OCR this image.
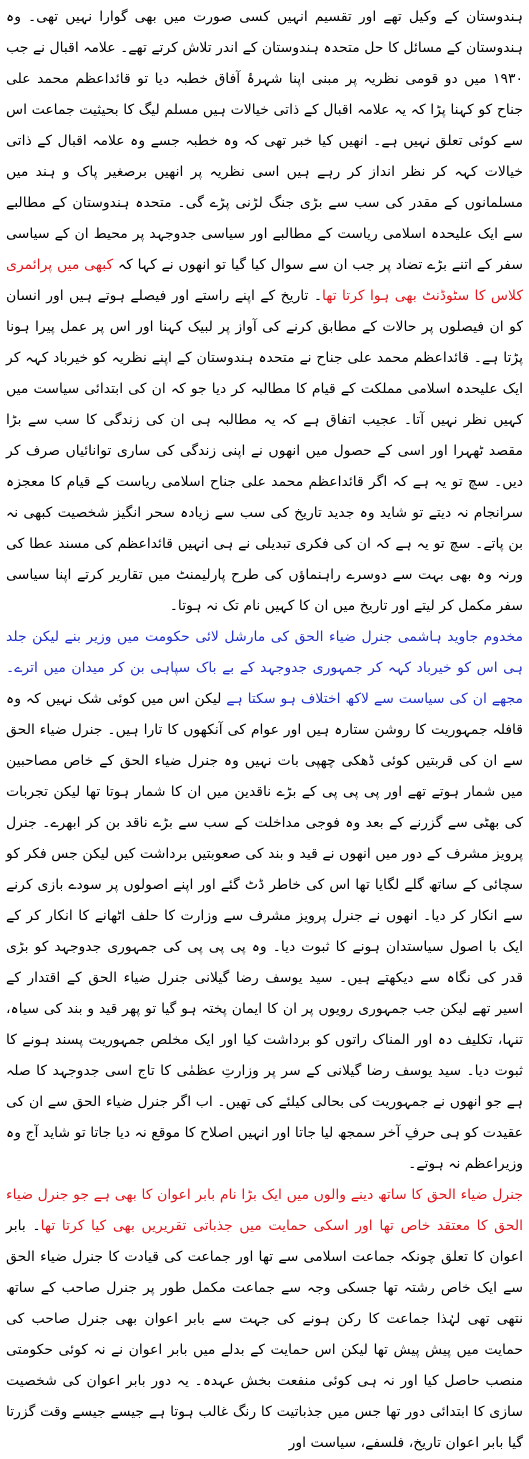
ہندوستان کے وکیل تھے اور تقسیم انہیں کسی صورت میں بھی گوارا نہیں تھی۔ وہ ہندوستان کے مسائل کا حل متحدہ ہندوستان کے اندر تلاش کرتے تھے۔ علامہ اقبال نے جب ۱۹۳۰ میں دو قومی نظریہ پر مبنی اپنا شہرۂ آفاق خطبہ دیا تو قائداعظم محمد علی جناح کو کہنا پڑا کہ یہ علامہ اقبال کے ذاتی خیالات ہیں مسلم لیگ کا بحیثیت جماعت اس سے کوئی تعلق نہیں ہے۔ انھیں کیا خبر تھی کہ وہ خطبہ جسے وہ علامہ اقبال کے ذاتی خیالات کہہ کر نظر انداز کر رہے ہیں اسی نظریہ پر انھیں برصغیر پاک و ہند میں مسلمانوں کے مقدر کی سب سے بڑی جنگ لڑنی پڑے گی۔ متحدہ ہندوستان کے مطالبے سے ایک علیحدہ اسلامی ریاست کے مطالبے اور سیاسی جدوجہد پر محیط ان کے سیاسی سفر کے اتنے بڑے تضاد پر جب ان سے سوال کیا گیا تو انھوں نے کہا کہ کبھی میں پرائمری کلاس کا سٹوڈنٹ بھی ہوا کرتا تھا۔ تاریخ کے اپنے راستے اور فیصلے ہوتے ہیں اور انسان کو ان فیصلوں پر حالات کے مطابق کرنے کی آواز پر لبیک کہنا اور اس پر عمل پیرا ہونا پڑتا ہے۔ قائداعظم محمد علی جناح نے متحدہ ہندوستان کے اپنے نظریہ کو خیرباد کہہ کر ایک علیحدہ اسلامی مملکت کے قیام کا مطالبہ کر دیا جو کہ ان کی ابتدائی سیاست میں کہیں نظر نہیں آتا۔ عجیب اتفاق ہے کہ یہ مطالبہ ہی ان کی زندگی کا سب سے بڑا مقصد ٹھہرا اور اسی کے حصول میں انھوں نے اپنی زندگی کی ساری توانائیاں صرف کر دیں۔ سچ تو یہ ہے کہ اگر قائداعظم محمد علی جناح اسلامی ریاست کے قیام کا معجزہ سرانجام نہ دیتے تو شاید وہ جدید تاریخ کی سب سے زیادہ سحر انگیز شخصیت کبھی نہ بن پاتے۔ سچ تو یہ ہے کہ ان کی فکری تبدیلی نے ہی انہیں قائداعظم کی مسند عطا کی ورنہ وہ بھی بہت سے دوسرے راہنماؤں کی طرح پارلیمنٹ میں تقاریر کرتے اپنا سیاسی سفر مکمل کر لیتے اور تاریخ میں ان کا کہیں نام تک نہ ہوتا۔

مخدوم جاوید ہاشمی جنرل ضیاء الحق کی مارشل لائی حکومت میں وزیر بنے لیکن جلد ہی اس کو خیرباد کہہ کر جمہوری جدوجہد کے بے باک سپاہی بن کر میدان میں اترے۔ مجھے ان کی سیاست سے لاکھ اختلاف ہو سکتا ہے لیکن اس میں کوئی شک نہیں کہ وہ قافلہ جمہوریت کا روشن ستارہ ہیں اور عوام کی آنکھوں کا تارا ہیں۔ جنرل ضیاء الحق سے ان کی قربتیں کوئی ڈھکی چھپی بات نہیں وہ جنرل ضیاء الحق کے خاص مصاحبین میں شمار ہوتے تھے اور پی پی پی کے بڑے ناقدین میں ان کا شمار ہوتا تھا لیکن تجربات کی بھٹی سے گزرنے کے بعد وہ فوجی مداخلت کے سب سے بڑے ناقد بن کر ابھرے۔ جنرل پرویز مشرف کے دور میں انھوں نے قید و بند کی صعوبتیں برداشت کیں لیکن جس فکر کو سچائی کے ساتھ گلے لگایا تھا اس کی خاطر ڈٹ گئے اور اپنے اصولوں پر سودے بازی کرنے سے انکار کر دیا۔ انھوں نے جنرل پرویز مشرف سے وزارت کا حلف اٹھانے کا انکار کر کے ایک با اصول سیاستدان ہونے کا ثبوت دیا۔ وہ پی پی پی کی جمہوری جدوجہد کو بڑی قدر کی نگاہ سے دیکھتے ہیں۔ سید یوسف رضا گیلانی جنرل ضیاء الحق کے اقتدار کے اسیر تھے لیکن جب جمہوری رویوں پر ان کا ایمان پختہ ہو گیا تو پھر قید و بند کی سیاہ، تنہا، تکلیف دہ اور المناک راتوں کو برداشت کیا اور ایک مخلص جمہوریت پسند ہونے کا ثبوت دیا۔ سید یوسف رضا گیلانی کے سر پر وزارتِ عظمٰی کا تاج اسی جدوجہد کا صلہ ہے جو انھوں نے جمہوریت کی بحالی کیلئے کی تھیں۔ اب اگر جنرل ضیاء الحق سے ان کی عقیدت کو ہی حرفِ آخر سمجھ لیا جاتا اور انہیں اصلاح کا موقع نہ دیا جاتا تو شاید آج وہ وزیراعظم نہ ہوتے۔

جنرل ضیاء الحق کا ساتھ دینے والوں میں ایک بڑا نام بابر اعوان کا بھی ہے جو جنرل ضیاء الحق کا معتقد خاص تھا اور اسکی حمایت میں جذباتی تقریریں بھی کیا کرتا تھا۔ بابر اعوان کا تعلق چونکہ جماعت اسلامی سے تھا اور جماعت کی قیادت کا جنرل ضیاء الحق سے ایک خاص رشتہ تھا جسکی وجہ سے جماعت مکمل طور پر جنرل صاحب کے ساتھ نتھی تھی لہٰذا جماعت کا رکن ہونے کی جہت سے بابر اعوان بھی جنرل صاحب کی حمایت میں پیش پیش تھا لیکن اس حمایت کے بدلے میں بابر اعوان نے نہ کوئی حکومتی منصب حاصل کیا اور نہ ہی کوئی منفعت بخش عہدہ۔ یہ دور بابر اعوان کی شخصیت سازی کا ابتدائی دور تھا جس میں جذباتیت کا رنگ غالب ہوتا ہے جیسے جیسے وقت گزرتا گیا بابر اعوان تاریخ، فلسفے، سیاست اور
